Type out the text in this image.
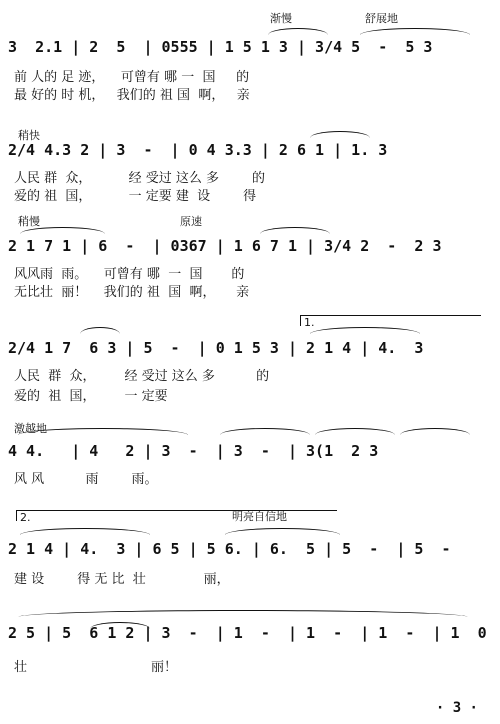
渐慢	舒展地
3  2.1 | 2  5  | 0555 | 1 5 1 3 | 3/4 5  -  5 3
前 人的 足 迹，    可曾有 哪 一  国     的
最 好的 时 机，   我们的 祖 国  啊，   亲
稍快
2/4 4.3 2 | 3  -  | 0 4 3.3 | 2 6 1 | 1. 3
人民 群  众，         经 受过 这么 多        的
爱的 祖  国，         一 定要 建  设        得
稍慢	原速
2 1 7 1 | 6  -  | 0367 | 1 6 7 1 | 3/4 2  -  2 3
风风雨  雨。    可曾有 哪  一  国       的
无比壮  丽！    我们的 祖  国  啊，     亲
1.
2/4 1 7  6 3 | 5  -  | 0 1 5 3 | 2 1 4 | 4.  3
人民  群  众，       经 受过 这么 多          的
爱的  祖  国，       一 定要
激越地
4 4.   | 4   2 | 3  -  | 3  -  | 3(1  2 3
风 风          雨        雨。
2.	明亮自信地
2 1 4 | 4.  3 | 6 5 | 5 6. | 6.  5 | 5  -  | 5  -
建 设        得 无 比  壮              丽，
2 5 | 5  6 1 2 | 3  -  | 1  -  | 1  -  | 1  -  | 1  0
壮                              丽！
· 3 ·
